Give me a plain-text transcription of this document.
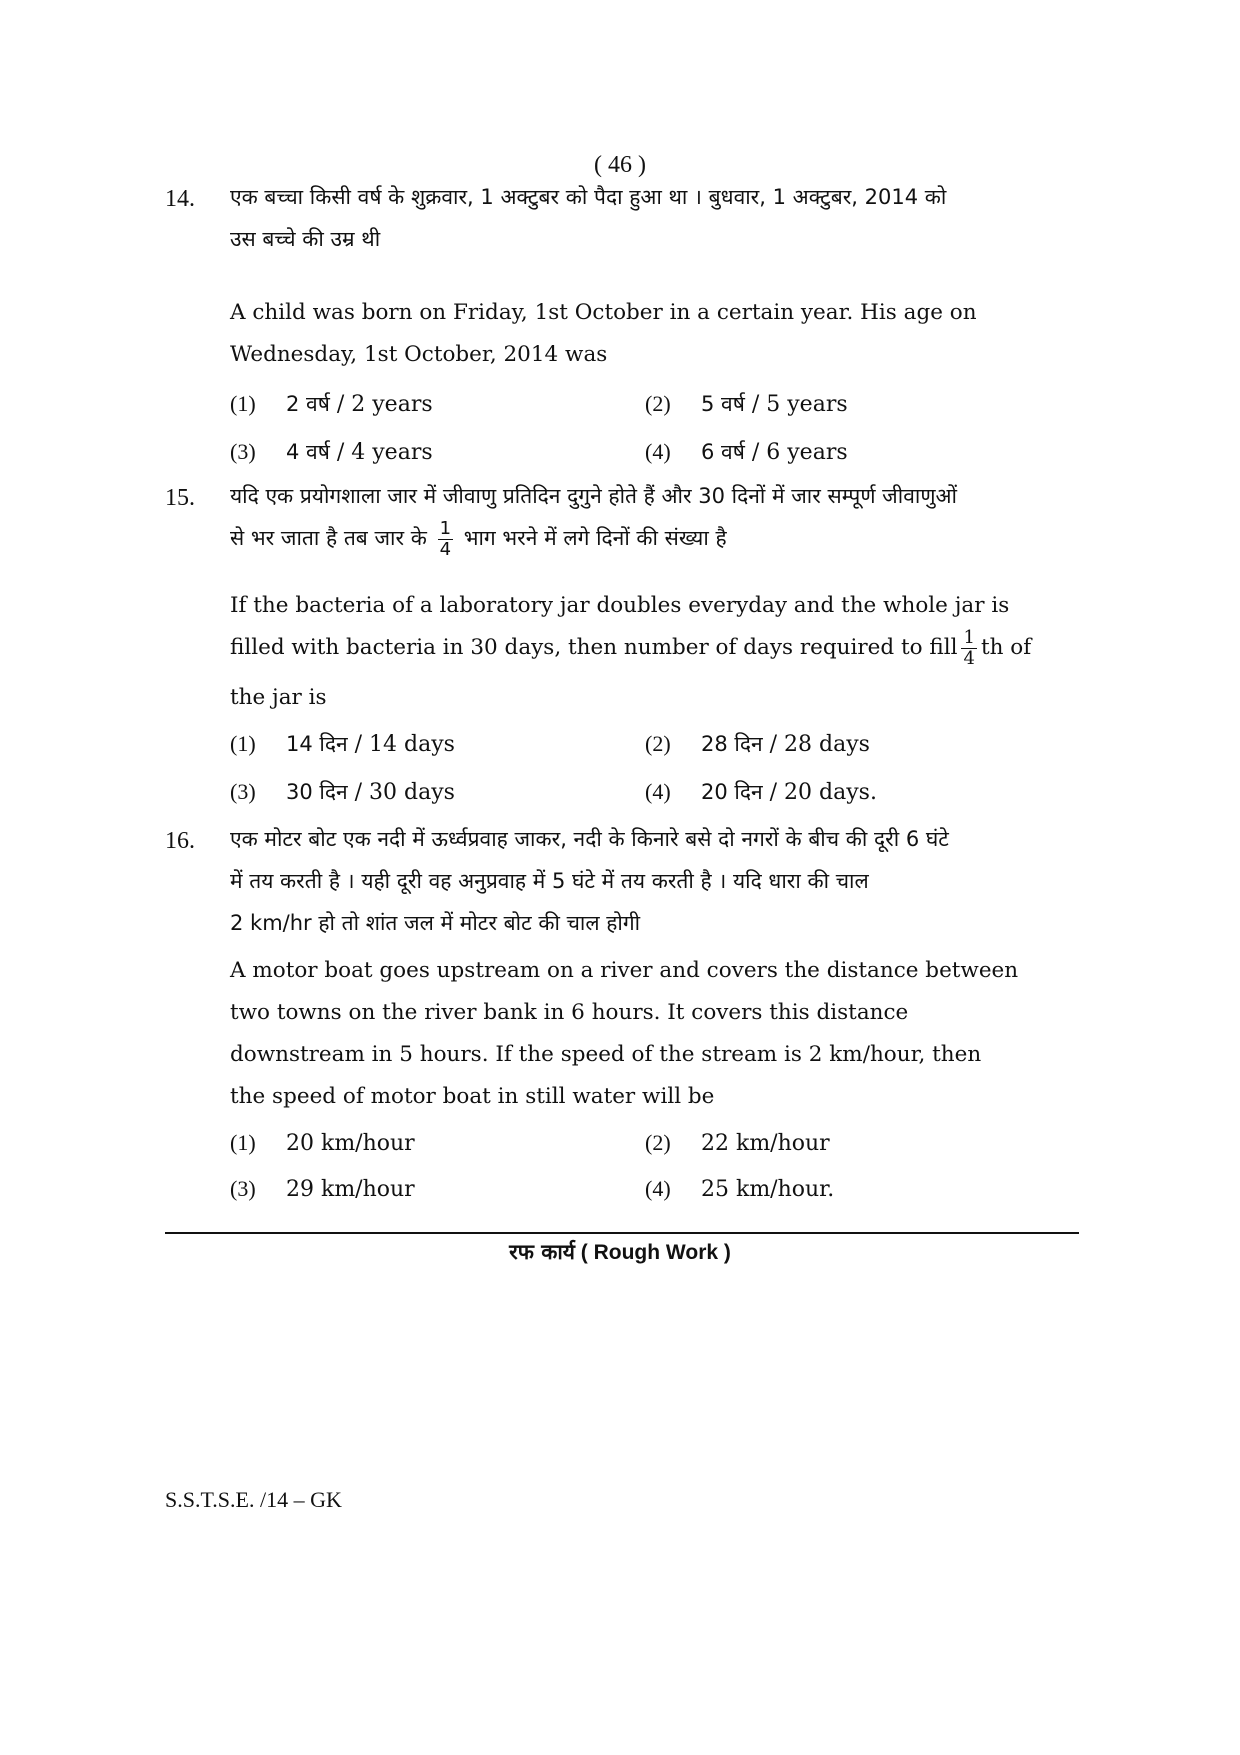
( 46 )
14. एक बच्चा किसी वर्ष के शुक्रवार, 1 अक्टुबर को पैदा हुआ था । बुधवार, 1 अक्टुबर, 2014 को
उस बच्चे की उम्र थी
A child was born on Friday, 1st October in a certain year. His age on
Wednesday, 1st October, 2014 was
(1) 2 वर्ष / 2 years	(2) 5 वर्ष / 5 years
(3) 4 वर्ष / 4 years	(4) 6 वर्ष / 6 years
15. यदि एक प्रयोगशाला जार में जीवाणु प्रतिदिन दुगुने होते हैं और 30 दिनों में जार सम्पूर्ण जीवाणुओं
से भर जाता है तब जार के $\frac{1}{4}$ भाग भरने में लगे दिनों की संख्या है
If the bacteria of a laboratory jar doubles everyday and the whole jar is
filled with bacteria in 30 days, then number of days required to fill $\frac{1}{4}$ th of
the jar is
(1) 14 दिन / 14 days	(2) 28 दिन / 28 days
(3) 30 दिन / 30 days	(4) 20 दिन / 20 days.
16. एक मोटर बोट एक नदी में ऊर्ध्वप्रवाह जाकर, नदी के किनारे बसे दो नगरों के बीच की दूरी 6 घंटे
में तय करती है । यही दूरी वह अनुप्रवाह में 5 घंटे में तय करती है । यदि धारा की चाल
2 km/hr हो तो शांत जल में मोटर बोट की चाल होगी
A motor boat goes upstream on a river and covers the distance between
two towns on the river bank in 6 hours. It covers this distance
downstream in 5 hours. If the speed of the stream is 2 km/hour, then
the speed of motor boat in still water will be
(1) 20 km/hour	(2) 22 km/hour
(3) 29 km/hour	(4) 25 km/hour.
रफ कार्य ( Rough Work )
S.S.T.S.E. /14 – GK
